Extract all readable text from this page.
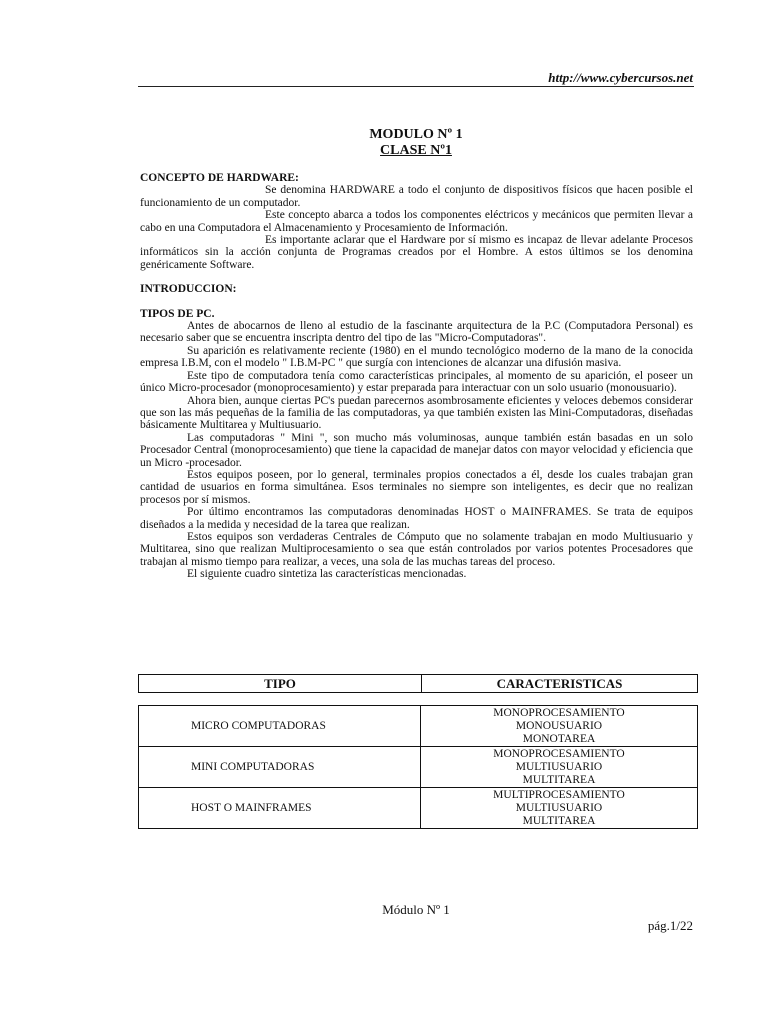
http://www.cybercursos.net
MODULO Nº 1
CLASE Nº1
CONCEPTO DE HARDWARE:

Se denomina HARDWARE a todo el conjunto de dispositivos físicos que hacen posible el funcionamiento de un computador.

Este concepto abarca a todos los componentes eléctricos y mecánicos que permiten llevar a cabo en una Computadora el Almacenamiento y Procesamiento de Información.

Es importante aclarar que el Hardware por sí mismo es incapaz de llevar adelante Procesos informáticos sin la acción conjunta de Programas creados por el Hombre. A estos últimos se los denomina genéricamente Software.

INTRODUCCION:
TIPOS DE PC.

Antes de abocarnos de lleno al estudio de la fascinante arquitectura de la P.C (Computadora Personal) es necesario saber que se encuentra inscripta dentro del tipo de las "Micro-Computadoras".

Su aparición es relativamente reciente (1980) en el mundo tecnológico moderno de la mano de la conocida empresa I.B.M, con el modelo " I.B.M-PC " que surgía con intenciones de alcanzar una difusión masiva.

Este tipo de computadora tenía como características principales, al momento de su aparición, el poseer un único Micro-procesador (monoprocesamiento) y estar preparada para interactuar con un solo usuario (monousuario).

Ahora bien, aunque ciertas PC's puedan parecernos asombrosamente eficientes y veloces debemos considerar que son las más pequeñas de la familia de las computadoras, ya que también existen las Mini-Computadoras, diseñadas básicamente Multitarea y Multiusuario.

Las computadoras " Mini ", son mucho más voluminosas, aunque también están basadas en un solo Procesador Central (monoprocesamiento) que tiene la capacidad de manejar datos con mayor velocidad y eficiencia que un Micro -procesador.

Estos equipos poseen, por lo general, terminales propios conectados a él, desde los cuales trabajan gran cantidad de usuarios en forma simultánea. Esos terminales no siempre son inteligentes, es decir que no realizan procesos por sí mismos.

Por último encontramos las computadoras denominadas HOST o MAINFRAMES. Se trata de equipos diseñados a la medida y necesidad de la tarea que realizan.

Estos equipos son verdaderas Centrales de Cómputo que no solamente trabajan en modo Multiusuario y Multitarea, sino que realizan Multiprocesamiento o sea que están controlados por varios potentes Procesadores que trabajan al mismo tiempo para realizar, a veces, una sola de las muchas tareas del proceso.

El siguiente cuadro sintetiza las características mencionadas.

TIPO	CARACTERISTICAS
MICRO COMPUTADORAS	MONOPROCESAMIENTO
MONOUSUARIO
MONOTAREA

MINI COMPUTADORAS	MONOPROCESAMIENTO
MULTIUSUARIO
MULTITAREA

HOST O MAINFRAMES	MULTIPROCESAMIENTO
MULTIUSUARIO
MULTITAREA
Módulo Nº 1
pág.1/22
